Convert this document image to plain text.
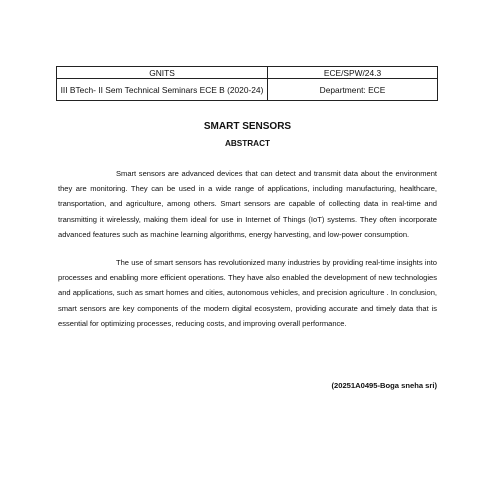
GNITS	ECE/SPW/24.3
III BTech- II Sem Technical Seminars ECE B (2020-24)	Department: ECE
SMART SENSORS
ABSTRACT

Smart sensors are advanced devices that can detect and transmit data about the environment they are monitoring. They can be used in a wide range of applications, including manufacturing, healthcare, transportation, and agriculture, among others. Smart sensors are capable of collecting data in real-time and transmitting it wirelessly, making them ideal for use in Internet of Things (IoT) systems. They often incorporate advanced features such as machine learning algorithms, energy harvesting, and low-power consumption.

The use of smart sensors has revolutionized many industries by providing real-time insights into processes and enabling more efficient operations. They have also enabled the development of new technologies and applications, such as smart homes and cities, autonomous vehicles, and precision agriculture . In conclusion, smart sensors are key components of the modern digital ecosystem, providing accurate and timely data that is essential for optimizing processes, reducing costs, and improving overall performance.

(20251A0495-Boga sneha sri)
